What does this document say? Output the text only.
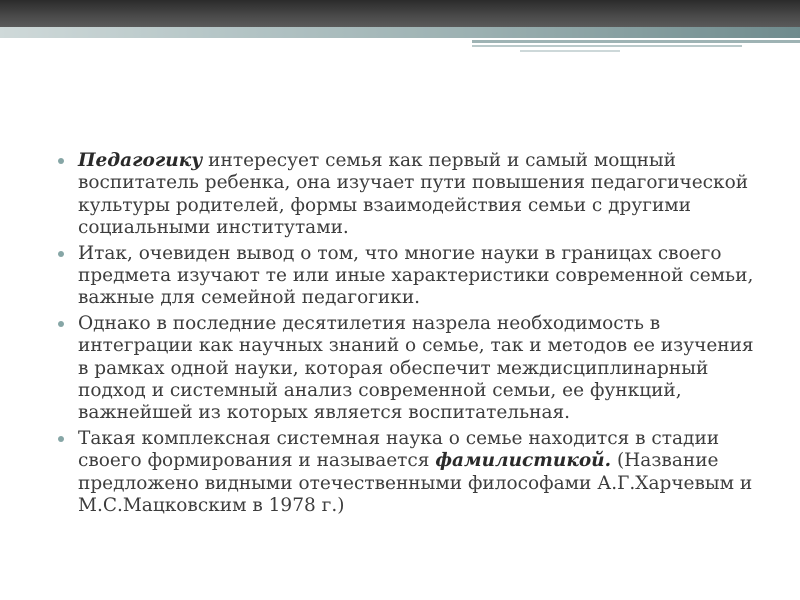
Педагогику интересует семья как первый и самый мощный воспитатель ребенка, она изучает пути повышения педагогической культуры родителей, формы взаимодействия семьи с другими социальными институтами.
Итак, очевиден вывод о том, что многие науки в границах своего предмета изучают те или иные характеристики современной семьи, важные для семейной педагогики.
Однако в последние десятилетия назрела необходимость в интеграции как научных знаний о семье, так и методов ее изучения в рамках одной науки, которая обеспечит междисциплинарный подход и системный анализ современной семьи, ее функций, важнейшей из которых является воспитательная.
Такая комплексная системная наука о семье находится в стадии своего формирования и называется фамилистикой. (Название предложено видными отечественными философами А.Г.Харчевым и М.С.Мацковским в 1978 г.)
